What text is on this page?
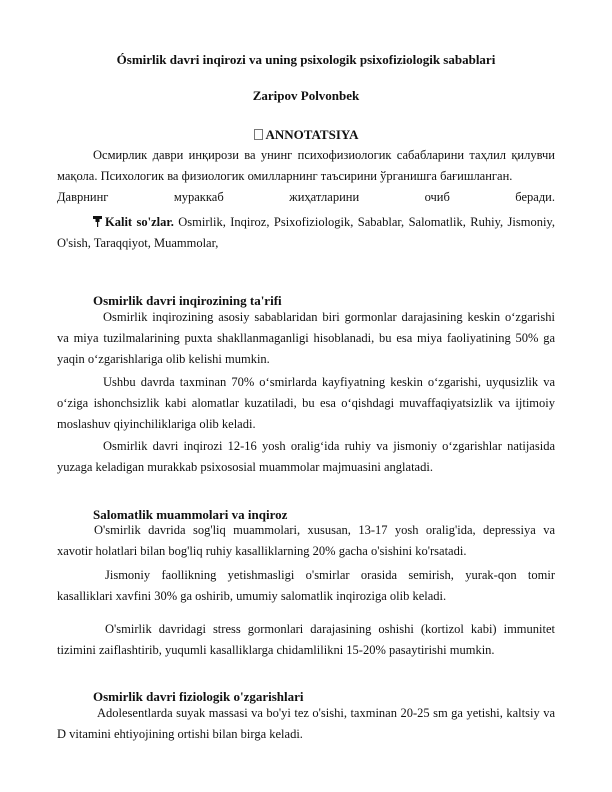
Ósmirlik davri inqirozi va uning psixologik psixofiziologik sabablari
Zaripov Polvonbek
ANNOTATSIYA
Осмирлик даври инқирози ва унинг психофизиологик сабабларини таҳлил қилувчи мақола. Психологик ва физиологик омилларнинг таъсирини ўрганишга бағишланган.
Даврнинг мураккаб жиҳатларини очиб беради.
Kalit so'zlar. Osmirlik, Inqiroz, Psixofiziologik, Sabablar, Salomatlik, Ruhiy, Jismoniy, O'sish, Taraqqiyot, Muammolar,
Osmirlik davri inqirozining ta'rifi
Osmirlik inqirozining asosiy sabablaridan biri gormonlar darajasining keskin oʻzgarishi va miya tuzilmalarining puxta shakllanmaganligi hisoblanadi, bu esa miya faoliyatining 50% ga yaqin oʻzgarishlariga olib kelishi mumkin.
Ushbu davrda taxminan 70% oʻsmirlarda kayfiyatning keskin oʻzgarishi, uyqusizlik va oʻziga ishonchsizlik kabi alomatlar kuzatiladi, bu esa oʻqishdagi muvaffaqiyatsizlik va ijtimoiy moslashuv qiyinchiliklariga olib keladi.
Osmirlik davri inqirozi 12-16 yosh oraligʻida ruhiy va jismoniy oʻzgarishlar natijasida yuzaga keladigan murakkab psixososial muammolar majmuasini anglatadi.
Salomatlik muammolari va inqiroz
O'smirlik davrida sog'liq muammolari, xususan, 13-17 yosh oralig'ida, depressiya va xavotir holatlari bilan bog'liq ruhiy kasalliklarning 20% gacha o'sishini ko'rsatadi.
Jismoniy faollikning yetishmasligi o'smirlar orasida semirish, yurak-qon tomir kasalliklari xavfini 30% ga oshirib, umumiy salomatlik inqiroziga olib keladi.
O'smirlik davridagi stress gormonlari darajasining oshishi (kortizol kabi) immunitet tizimini zaiflashtirib, yuqumli kasalliklarga chidamlilikni 15-20% pasaytirishi mumkin.
Osmirlik davri fiziologik o'zgarishlari
Adolesentlarda suyak massasi va bo'yi tez o'sishi, taxminan 20-25 sm ga yetishi, kaltsiy va D vitamini ehtiyojining ortishi bilan birga keladi.
